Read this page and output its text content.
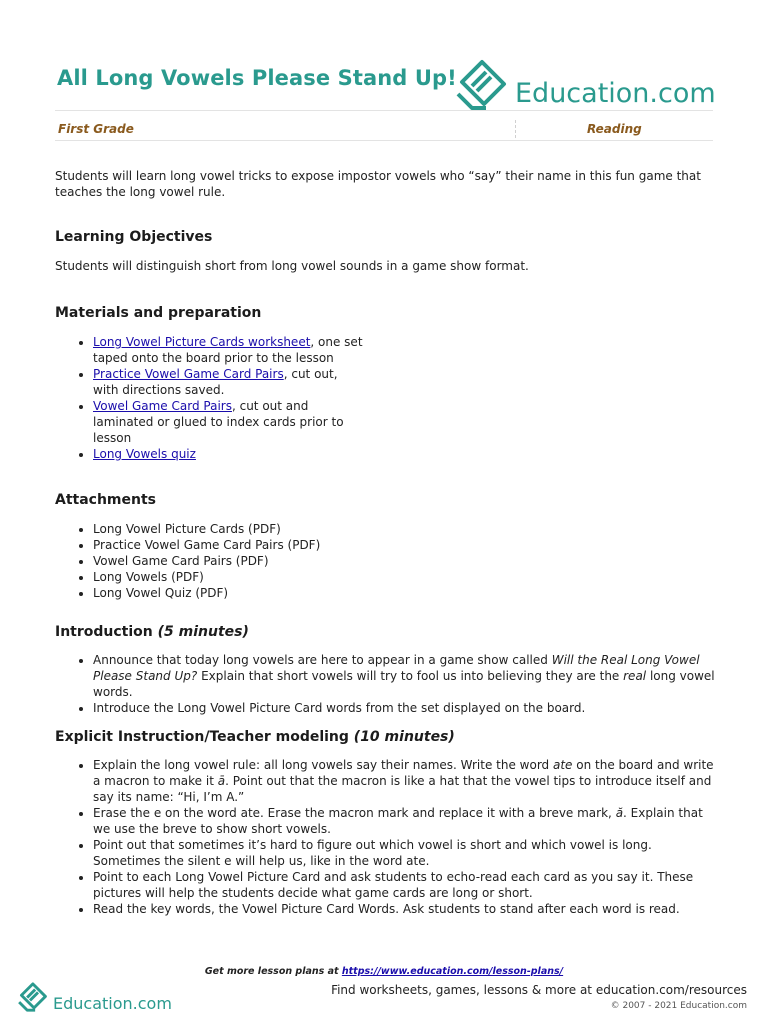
All Long Vowels Please Stand Up! Education.com
First Grade	Reading

Students will learn long vowel tricks to expose impostor vowels who “say” their name in this fun game that teaches the long vowel rule.

Learning Objectives

Students will distinguish short from long vowel sounds in a game show format.

Materials and preparation
• Long Vowel Picture Cards worksheet, one set taped onto the board prior to the lesson
• Practice Vowel Game Card Pairs, cut out, with directions saved.
• Vowel Game Card Pairs, cut out and laminated or glued to index cards prior to lesson
• Long Vowels quiz
Attachments
• Long Vowel Picture Cards (PDF)
• Practice Vowel Game Card Pairs (PDF)
• Vowel Game Card Pairs (PDF)
• Long Vowels (PDF)
• Long Vowel Quiz (PDF)
Introduction (5 minutes)
• Announce that today long vowels are here to appear in a game show called Will the Real Long Vowel Please Stand Up? Explain that short vowels will try to fool us into believing they are the real long vowel words.
• Introduce the Long Vowel Picture Card words from the set displayed on the board.
Explicit Instruction/Teacher modeling (10 minutes)
• Explain the long vowel rule: all long vowels say their names. Write the word ate on the board and write a macron to make it ā. Point out that the macron is like a hat that the vowel tips to introduce itself and say its name: “Hi, I’m A.”
• Erase the e on the word ate. Erase the macron mark and replace it with a breve mark, ă. Explain that we use the breve to show short vowels.
• Point out that sometimes it’s hard to figure out which vowel is short and which vowel is long. Sometimes the silent e will help us, like in the word ate.
• Point to each Long Vowel Picture Card and ask students to echo-read each card as you say it. These pictures will help the students decide what game cards are long or short.
• Read the key words, the Vowel Picture Card Words. Ask students to stand after each word is read.
Get more lesson plans at https://www.education.com/lesson-plans/
Education.com
Find worksheets, games, lessons & more at education.com/resources
© 2007 - 2021 Education.com
